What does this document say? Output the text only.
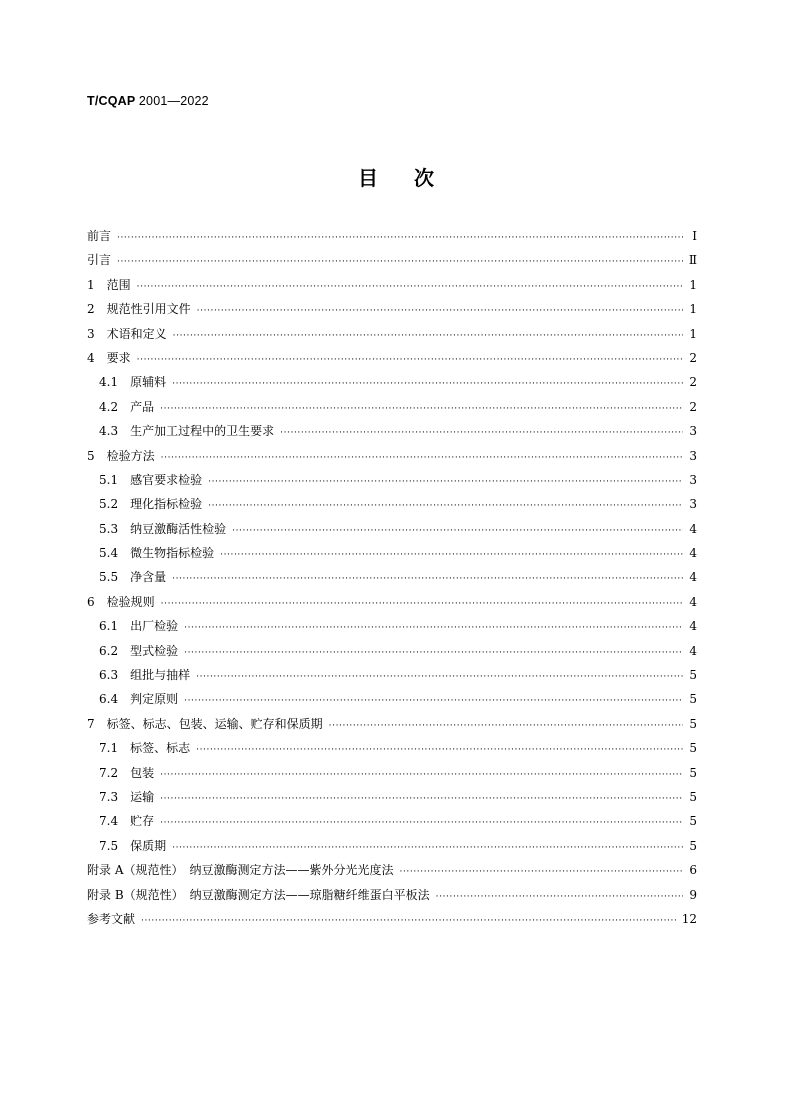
T/CQAP 2001—2022
目次
前言 ·····	Ⅰ
引言 ·····	Ⅱ
1 范围 ·····	1
2 规范性引用文件 ·····	1
3 术语和定义 ·····	1
4 要求 ·····	2
4.1 原辅料 ·····	2
4.2 产品 ·····	2
4.3 生产加工过程中的卫生要求 ·····	3
5 检验方法 ·····	3
5.1 感官要求检验 ·····	3
5.2 理化指标检验 ·····	3
5.3 纳豆激酶活性检验 ·····	4
5.4 微生物指标检验 ·····	4
5.5 净含量 ·····	4
6 检验规则 ·····	4
6.1 出厂检验 ·····	4
6.2 型式检验 ·····	4
6.3 组批与抽样 ·····	5
6.4 判定原则 ·····	5
7 标签、标志、包装、运输、贮存和保质期 ·····	5
7.1 标签、标志 ·····	5
7.2 包装 ·····	5
7.3 运输 ·····	5
7.4 贮存 ·····	5
7.5 保质期 ·····	5
附录 A（规范性）　纳豆激酶测定方法——紫外分光光度法 ·····	6
附录 B（规范性）　纳豆激酶测定方法——琼脂糖纤维蛋白平板法 ·····	9
参考文献 ·····	12
